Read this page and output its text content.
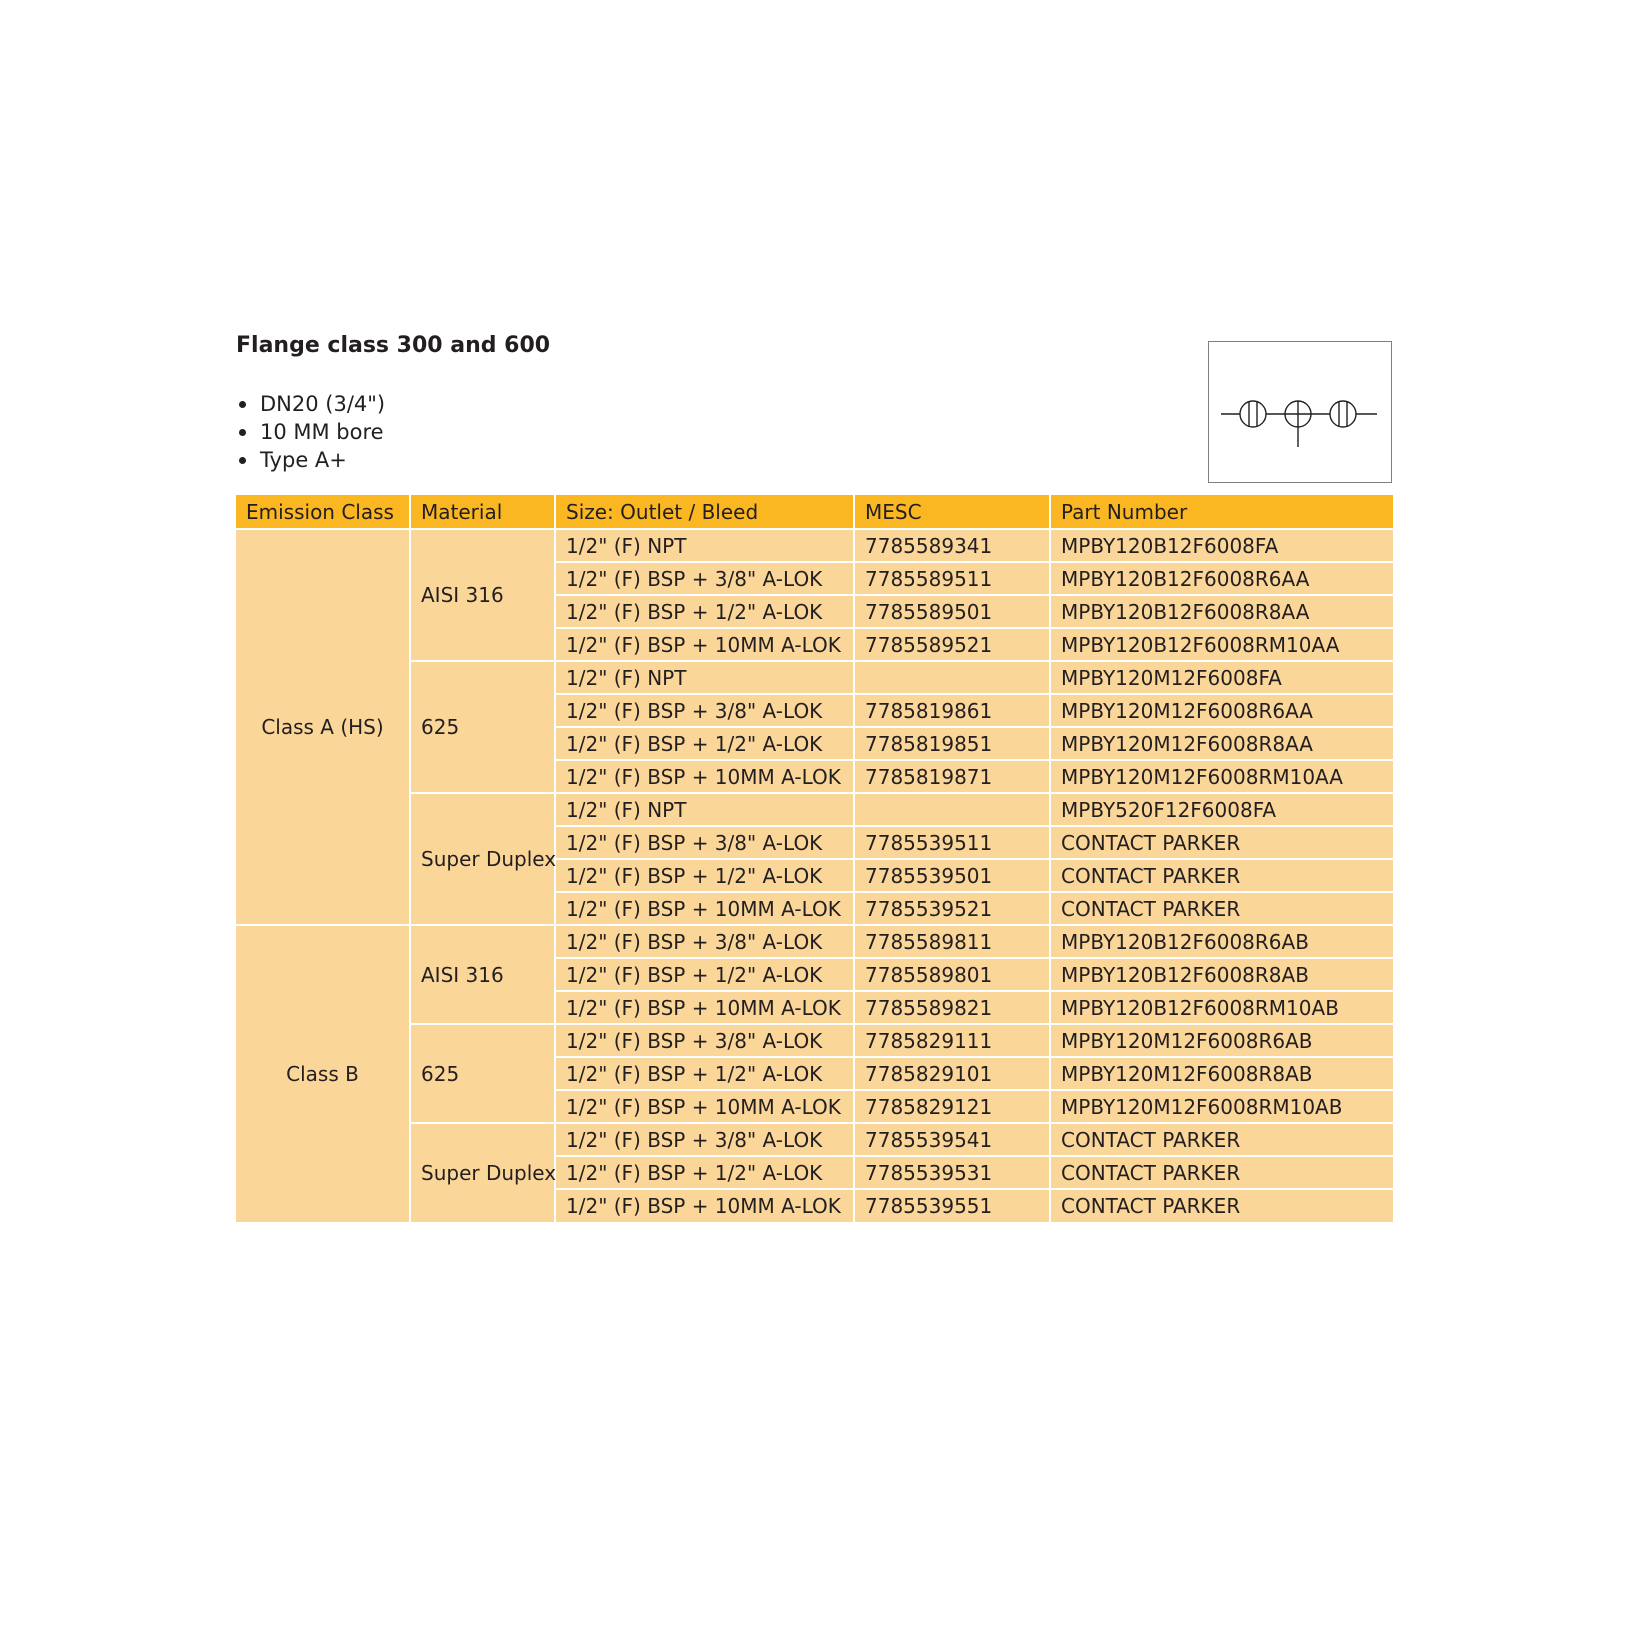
Flange class 300 and 600
DN20 (3/4")
10 MM bore
Type A+
Emission Class	Material	Size: Outlet / Bleed	MESC	Part Number
Class A (HS)	AISI 316	1/2" (F) NPT	7785589341	MPBY120B12F6008FA
		1/2" (F) BSP + 3/8" A-LOK	7785589511	MPBY120B12F6008R6AA
		1/2" (F) BSP + 1/2" A-LOK	7785589501	MPBY120B12F6008R8AA
		1/2" (F) BSP + 10MM A-LOK	7785589521	MPBY120B12F6008RM10AA
	625	1/2" (F) NPT		MPBY120M12F6008FA
		1/2" (F) BSP + 3/8" A-LOK	7785819861	MPBY120M12F6008R6AA
		1/2" (F) BSP + 1/2" A-LOK	7785819851	MPBY120M12F6008R8AA
		1/2" (F) BSP + 10MM A-LOK	7785819871	MPBY120M12F6008RM10AA
	Super Duplex	1/2" (F) NPT		MPBY520F12F6008FA
		1/2" (F) BSP + 3/8" A-LOK	7785539511	CONTACT PARKER
		1/2" (F) BSP + 1/2" A-LOK	7785539501	CONTACT PARKER
		1/2" (F) BSP + 10MM A-LOK	7785539521	CONTACT PARKER
Class B	AISI 316	1/2" (F) BSP + 3/8" A-LOK	7785589811	MPBY120B12F6008R6AB
		1/2" (F) BSP + 1/2" A-LOK	7785589801	MPBY120B12F6008R8AB
		1/2" (F) BSP + 10MM A-LOK	7785589821	MPBY120B12F6008RM10AB
	625	1/2" (F) BSP + 3/8" A-LOK	7785829111	MPBY120M12F6008R6AB
		1/2" (F) BSP + 1/2" A-LOK	7785829101	MPBY120M12F6008R8AB
		1/2" (F) BSP + 10MM A-LOK	7785829121	MPBY120M12F6008RM10AB
	Super Duplex	1/2" (F) BSP + 3/8" A-LOK	7785539541	CONTACT PARKER
		1/2" (F) BSP + 1/2" A-LOK	7785539531	CONTACT PARKER
		1/2" (F) BSP + 10MM A-LOK	7785539551	CONTACT PARKER
